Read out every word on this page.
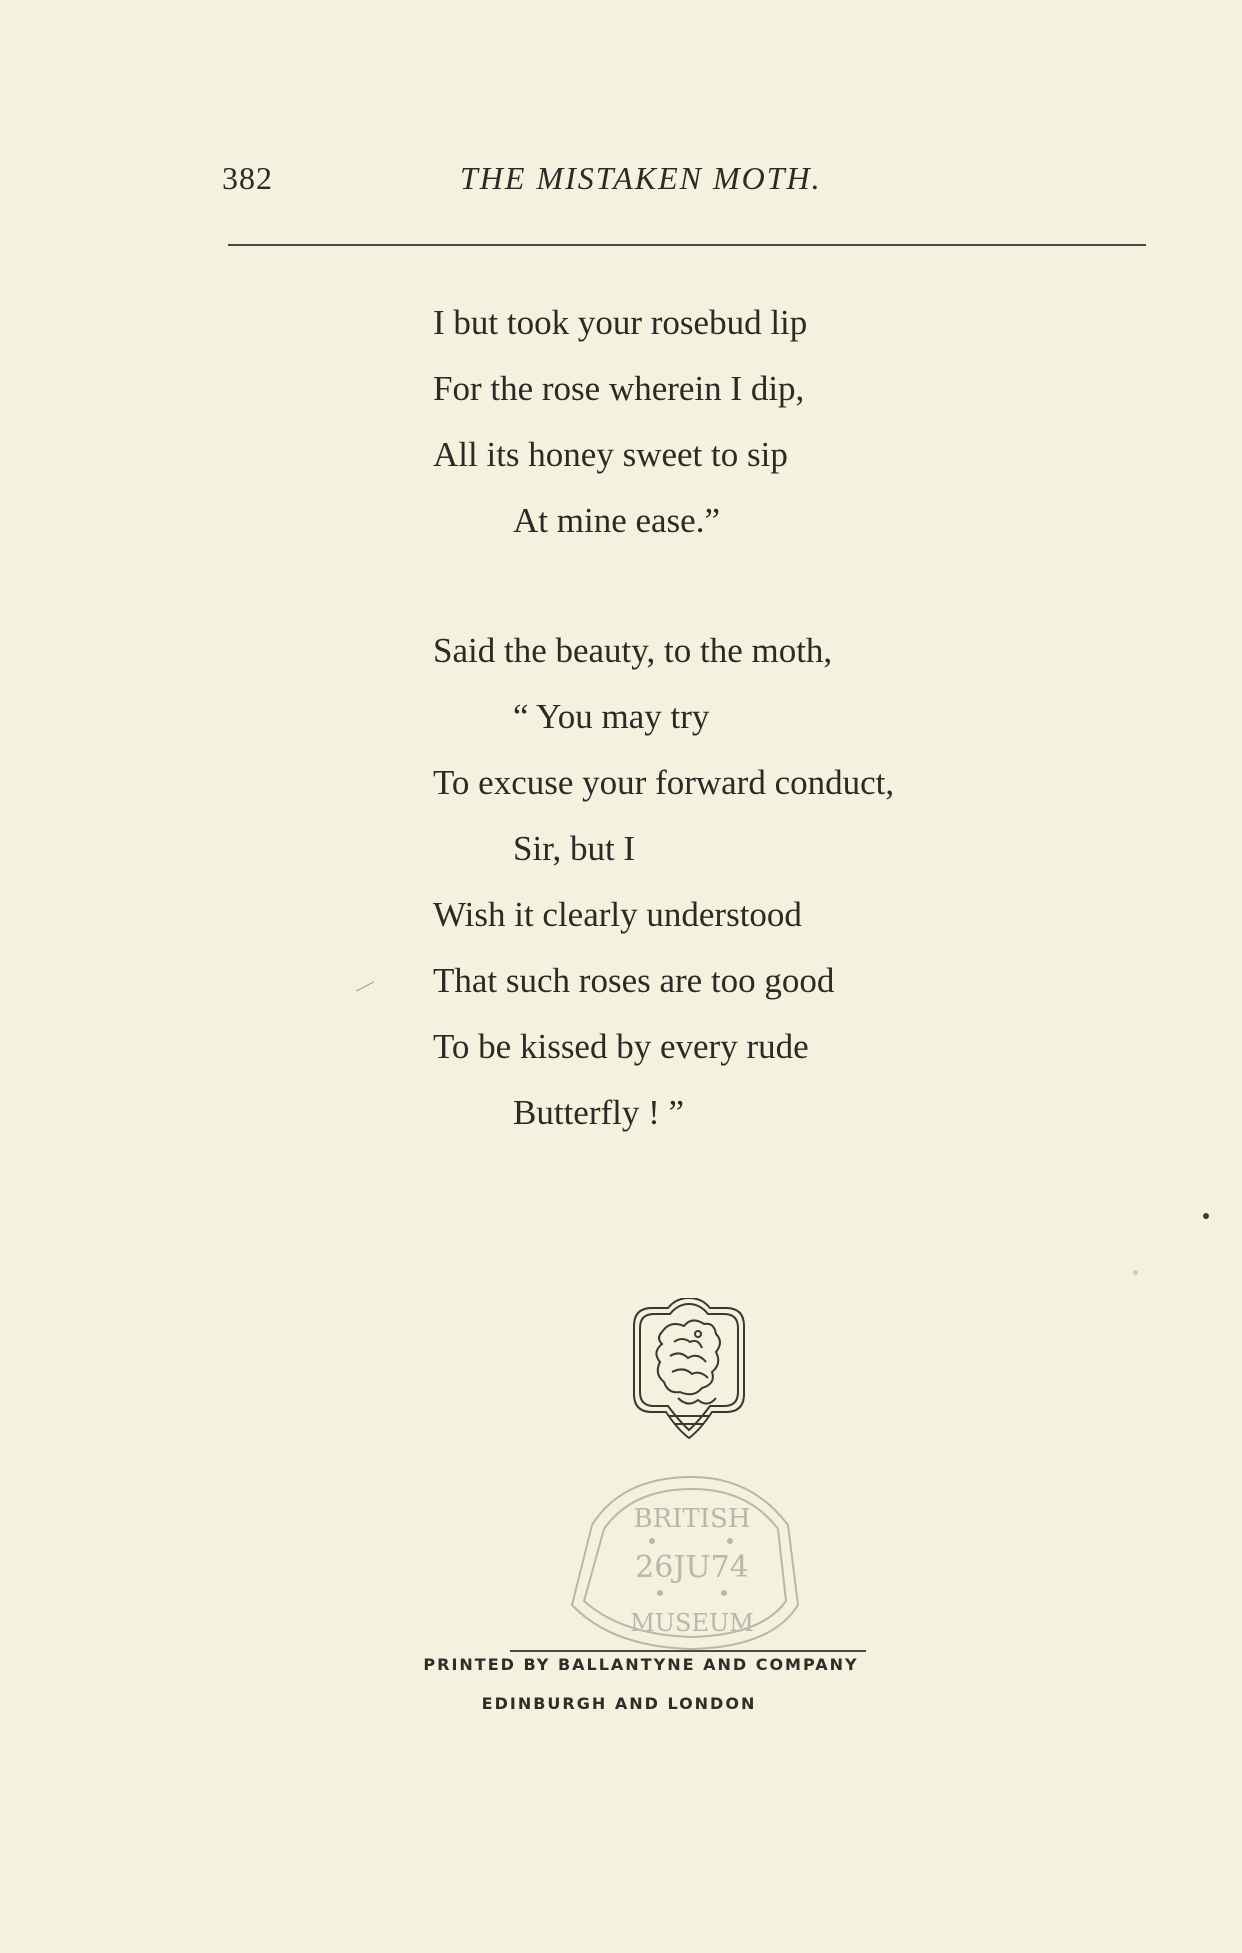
382	THE MISTAKEN MOTH.
I but took your rosebud lip
For the rose wherein I dip,
All its honey sweet to sip
At mine ease.”
Said the beauty, to the moth,
“ You may try
To excuse your forward conduct,
Sir, but I
Wish it clearly understood
That such roses are too good
To be kissed by every rude
Butterfly ! ”
BRITISH
26JU74
MUSEUM
PRINTED BY BALLANTYNE AND COMPANY
EDINBURGH AND LONDON
